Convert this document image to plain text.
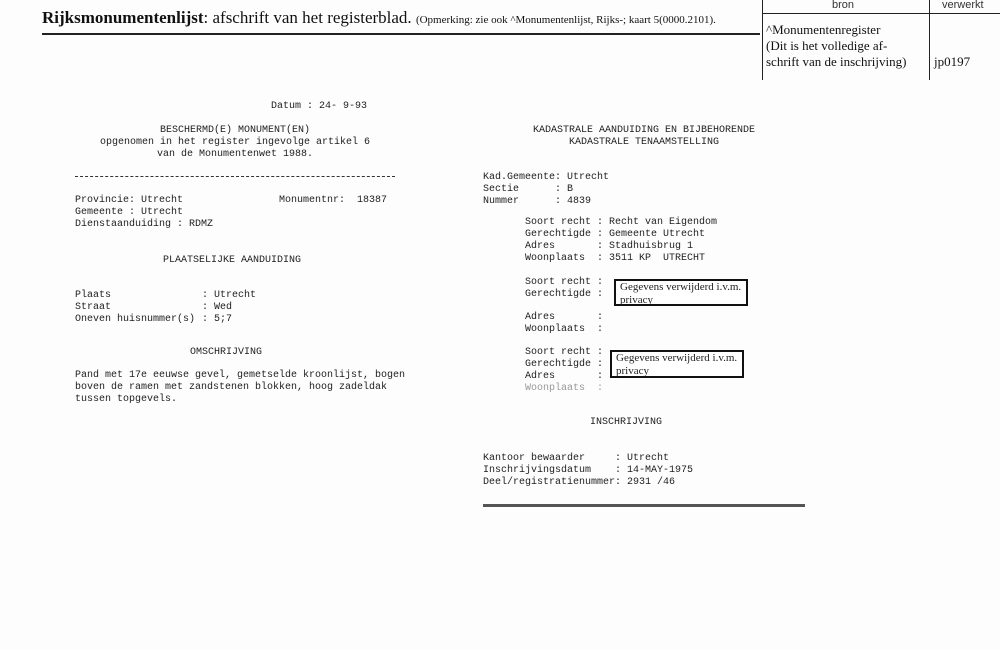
Rijksmonumentenlijst: afschrift van het registerblad. (Opmerking: zie ook ^Monumentenlijst, Rijks-; kaart 5(0000.2101).
bron	verwerkt
^Monumentenregister
(Dit is het volledige af-
schrift van de inschrijving) jp0197
Datum : 24- 9-93
BESCHERMD(E) MONUMENT(EN)
opgenomen in het register ingevolge artikel 6
van de Monumentenwet 1988.
Provincie: Utrecht
Gemeente : Utrecht
Dienstaanduiding : RDMZ
Monumentnr:  18387
PLAATSELIJKE AANDUIDING
Plaats
Straat
Oneven huisnummer(s)
: Utrecht
: Wed
: 5;7
OMSCHRIJVING
Pand met 17e eeuwse gevel, gemetselde kroonlijst, bogen
boven de ramen met zandstenen blokken, hoog zadeldak
tussen topgevels.
KADASTRALE AANDUIDING EN BIJBEHORENDE
KADASTRALE TENAAMSTELLING
Kad.Gemeente: Utrecht
Sectie      : B
Nummer      : 4839
Soort recht : Recht van Eigendom
Gerechtigde : Gemeente Utrecht
Adres       : Stadhuisbrug 1
Woonplaats  : 3511 KP  UTRECHT
Soort recht :
Gerechtigde :
Adres       :
Woonplaats  :
Gegevens verwijderd i.v.m.
privacy
Soort recht :
Gerechtigde :
Adres       :
Woonplaats  :
Gegevens verwijderd i.v.m.
privacy
INSCHRIJVING
Kantoor bewaarder     : Utrecht
Inschrijvingsdatum    : 14-MAY-1975
Deel/registratienummer: 2931 /46
